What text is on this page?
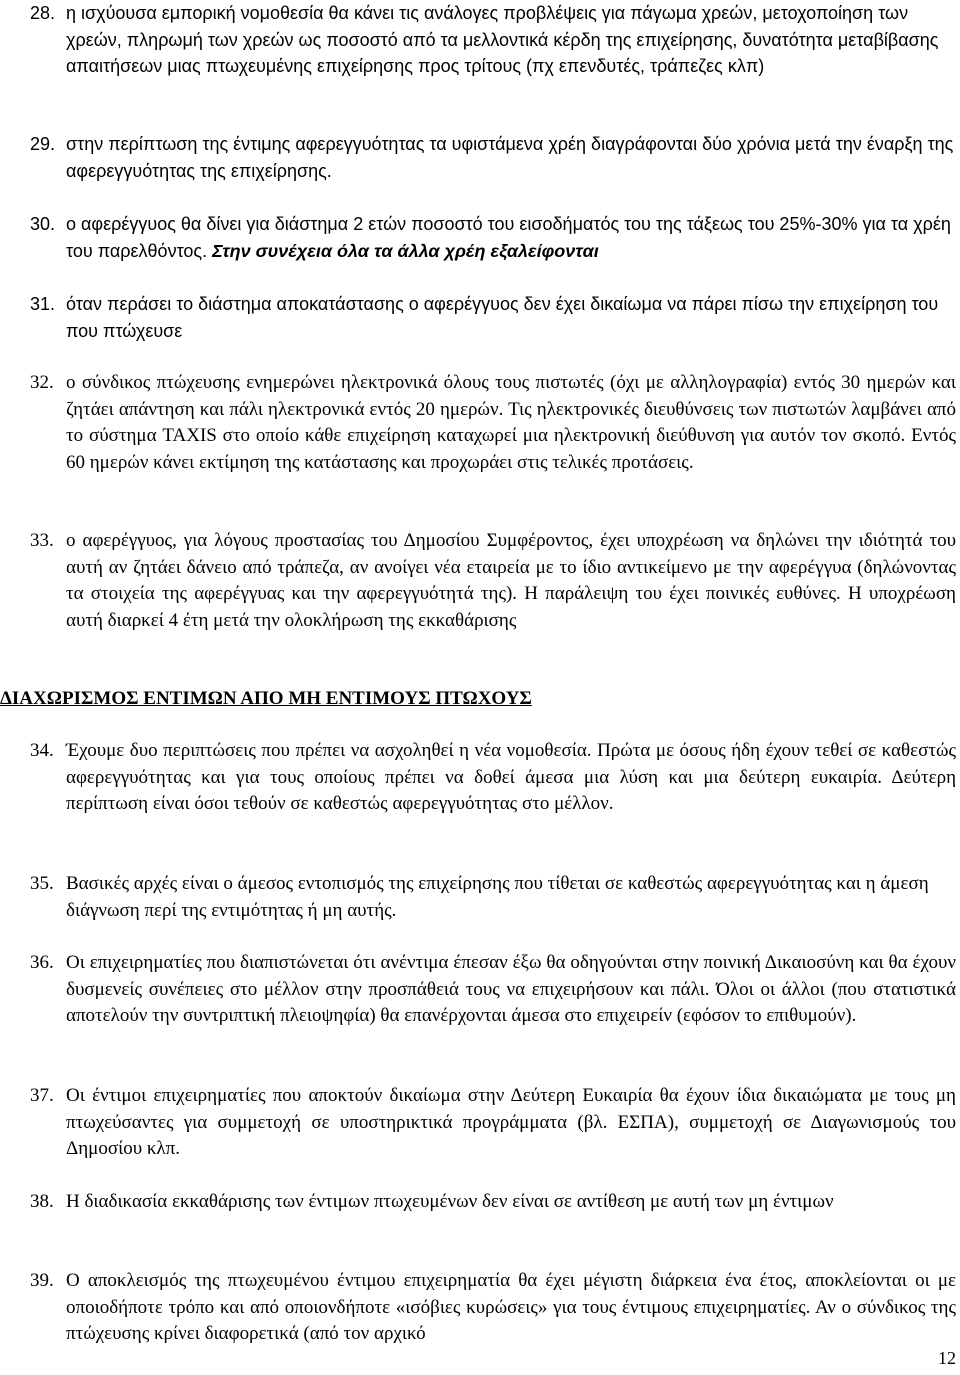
28. η ισχύουσα εμπορική νομοθεσία θα κάνει τις ανάλογες προβλέψεις για πάγωμα χρεών, μετοχοποίηση των χρεών, πληρωμή των χρεών ως ποσοστό από τα μελλοντικά κέρδη της επιχείρησης, δυνατότητα μεταβίβασης απαιτήσεων μιας πτωχευμένης επιχείρησης προς τρίτους (πχ επενδυτές, τράπεζες κλπ)
29. στην περίπτωση της έντιμης αφερεγγυότητας τα υφιστάμενα χρέη διαγράφονται δύο χρόνια μετά την έναρξη της αφερεγγυότητας της επιχείρησης.
30. ο αφερέγγυος θα δίνει για διάστημα 2 ετών ποσοστό του εισοδήματός του της τάξεως του 25%-30% για τα χρέη του παρελθόντος. Στην συνέχεια όλα τα άλλα χρέη εξαλείφονται
31. όταν περάσει το διάστημα αποκατάστασης ο αφερέγγυος δεν έχει δικαίωμα να πάρει πίσω την επιχείρηση του που πτώχευσε
32. ο σύνδικος πτώχευσης ενημερώνει ηλεκτρονικά όλους τους πιστωτές (όχι με αλληλογραφία) εντός 30 ημερών και ζητάει απάντηση και πάλι ηλεκτρονικά εντός 20 ημερών. Τις ηλεκτρονικές διευθύνσεις των πιστωτών λαμβάνει από το σύστημα TAXIS στο οποίο κάθε επιχείρηση καταχωρεί μια ηλεκτρονική διεύθυνση για αυτόν τον σκοπό. Εντός 60 ημερών κάνει εκτίμηση της κατάστασης και προχωράει στις τελικές προτάσεις.
33. ο αφερέγγυος, για λόγους προστασίας του Δημοσίου Συμφέροντος, έχει υποχρέωση να δηλώνει την ιδιότητά του αυτή αν ζητάει δάνειο από τράπεζα, αν ανοίγει νέα εταιρεία με το ίδιο αντικείμενο με την αφερέγγυα (δηλώνοντας τα στοιχεία της αφερέγγυας και την αφερεγγυότητά της). Η παράλειψη του έχει ποινικές ευθύνες. Η υποχρέωση αυτή διαρκεί 4 έτη μετά την ολοκλήρωση της εκκαθάρισης
ΔΙΑΧΩΡΙΣΜΟΣ ΕΝΤΙΜΩΝ ΑΠΟ ΜΗ ΕΝΤΙΜΟΥΣ ΠΤΩΧΟΥΣ
34. Έχουμε δυο περιπτώσεις που πρέπει να ασχοληθεί η νέα νομοθεσία. Πρώτα με όσους ήδη έχουν τεθεί σε καθεστώς αφερεγγυότητας και για τους οποίους πρέπει να δοθεί άμεσα μια λύση και μια δεύτερη ευκαιρία. Δεύτερη περίπτωση είναι όσοι τεθούν σε καθεστώς αφερεγγυότητας στο μέλλον.
35. Βασικές αρχές είναι ο άμεσος εντοπισμός της επιχείρησης που τίθεται σε καθεστώς αφερεγγυότητας και η άμεση διάγνωση περί της εντιμότητας ή μη αυτής.
36. Οι επιχειρηματίες που διαπιστώνεται ότι ανέντιμα έπεσαν έξω θα οδηγούνται στην ποινική Δικαιοσύνη και θα έχουν δυσμενείς συνέπειες στο μέλλον στην προσπάθειά τους να επιχειρήσουν και πάλι. Όλοι οι άλλοι (που στατιστικά αποτελούν την συντριπτική πλειοψηφία) θα επανέρχονται άμεσα στο επιχειρείν (εφόσον το επιθυμούν).
37. Οι έντιμοι επιχειρηματίες που αποκτούν δικαίωμα στην Δεύτερη Ευκαιρία θα έχουν ίδια δικαιώματα με τους μη πτωχεύσαντες για συμμετοχή σε υποστηρικτικά προγράμματα (βλ. ΕΣΠΑ), συμμετοχή σε Διαγωνισμούς του Δημοσίου κλπ.
38. Η διαδικασία εκκαθάρισης των έντιμων πτωχευμένων δεν είναι σε αντίθεση με αυτή των μη έντιμων
39. Ο αποκλεισμός της πτωχευμένου έντιμου επιχειρηματία θα έχει μέγιστη διάρκεια ένα έτος, αποκλείονται οι με οποιοδήποτε τρόπο και από οποιονδήποτε «ισόβιες κυρώσεις» για τους έντιμους επιχειρηματίες. Αν ο σύνδικος της πτώχευσης κρίνει διαφορετικά (από τον αρχικό
12
